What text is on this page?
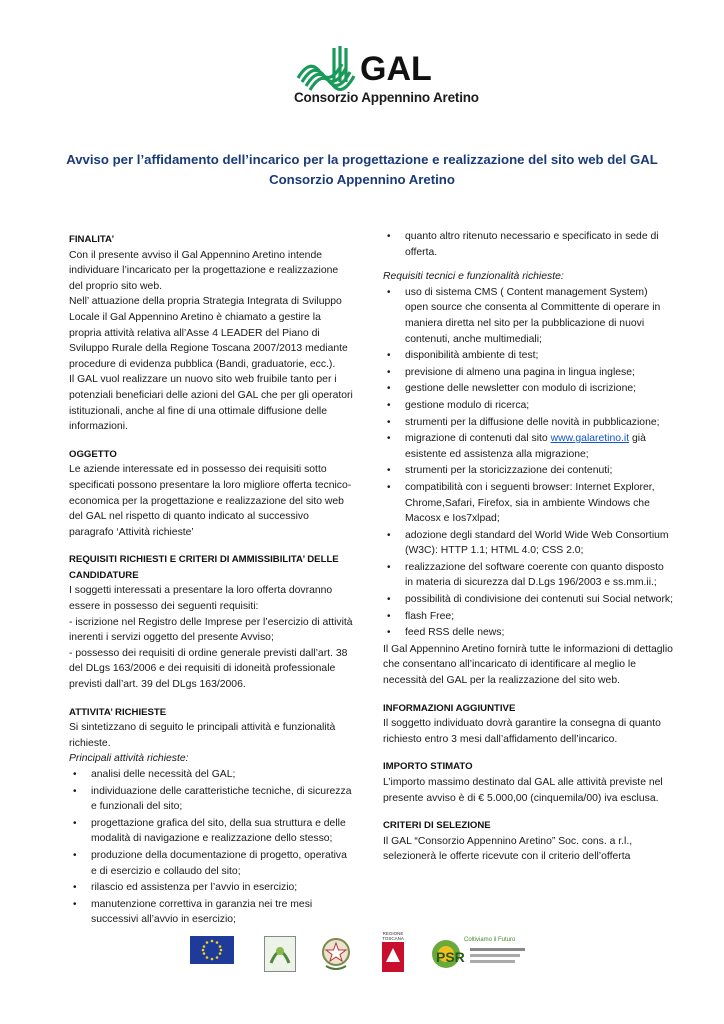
GAL
Consorzio Appennino Aretino
Avviso per l’affidamento dell’incarico per la progettazione e realizzazione del sito web del GAL
Consorzio Appennino Aretino

FINALITA’

Con il presente avviso il Gal Appennino Aretino intende individuare l’incaricato per la progettazione e realizzazione del proprio sito web.

Nell’ attuazione della propria Strategia Integrata di Sviluppo Locale il Gal Appennino Aretino è chiamato a gestire la propria attività relativa all’Asse 4 LEADER del Piano di Sviluppo Rurale della Regione Toscana 2007/2013 mediante procedure di evidenza pubblica (Bandi, graduatorie, ecc.).

Il GAL vuol realizzare un nuovo sito web fruibile tanto per i potenziali beneficiari delle azioni del GAL che per gli operatori istituzionali, anche al fine di una ottimale diffusione delle informazioni.

OGGETTO

Le aziende interessate ed in possesso dei requisiti sotto specificati possono presentare la loro migliore offerta tecnico-economica per la progettazione e realizzazione del sito web del GAL nel rispetto di quanto indicato al successivo paragrafo ‘Attività richieste’

REQUISITI RICHIESTI E CRITERI DI AMMISSIBILITA’ DELLE CANDIDATURE

I soggetti interessati a presentare la loro offerta dovranno essere in possesso dei seguenti requisiti:

- iscrizione nel Registro delle Imprese per l’esercizio di attività inerenti i servizi oggetto del presente Avviso;

- possesso dei requisiti di ordine generale previsti dall’art. 38 del DLgs 163/2006 e dei requisiti di idoneità professionale previsti dall’art. 39 del DLgs 163/2006.

ATTIVITA’ RICHIESTE

Si sintetizzano di seguito le principali attività e funzionalità richieste.

Principali attività richieste:

• analisi delle necessità del GAL;
• individuazione delle caratteristiche tecniche, di sicurezza e funzionali del sito;
• progettazione grafica del sito, della sua struttura e delle modalità di navigazione e realizzazione dello stesso;
• produzione della documentazione di progetto, operativa e di esercizio e collaudo del sito;
• rilascio ed assistenza per l’avvio in esercizio;
• manutenzione correttiva in garanzia nei tre mesi successivi all’avvio in esercizio;
• quanto altro ritenuto necessario e specificato in sede di offerta.

Requisiti tecnici e funzionalità richieste:

• uso di sistema CMS ( Content management System) open source che consenta al Committente di operare in maniera diretta nel sito per la pubblicazione di nuovi contenuti, anche multimediali;
• disponibilità ambiente di test;
• previsione di almeno una pagina in lingua inglese;
• gestione delle newsletter con modulo di iscrizione;
• gestione modulo di ricerca;
• strumenti per la diffusione delle novità in pubblicazione;
• migrazione di contenuti dal sito www.galaretino.it già esistente ed assistenza alla migrazione;
• strumenti per la storicizzazione dei contenuti;
• compatibilità con i seguenti browser: Internet Explorer, Chrome,Safari, Firefox, sia in ambiente Windows che Macosx e Ios7xlpad;
• adozione degli standard del World Wide Web Consortium (W3C): HTTP 1.1; HTML 4.0; CSS 2.0;
• realizzazione del software coerente con quanto disposto in materia di sicurezza dal D.Lgs 196/2003 e ss.mm.ii.;
• possibilità di condivisione dei contenuti sui Social network;
• flash Free;
• feed RSS delle news;

Il Gal Appennino Aretino fornirà tutte le informazioni di dettaglio che consentano all’incaricato di identificare al meglio le necessità del GAL per la realizzazione del sito web.

INFORMAZIONI AGGIUNTIVE

Il soggetto individuato dovrà garantire la consegna di quanto richiesto entro 3 mesi dall’affidamento dell’incarico.

IMPORTO STIMATO

L’importo massimo destinato dal GAL alle attività previste nel presente avviso è di € 5.000,00 (cinquemila/00) iva esclusa.

CRITERI DI SELEZIONE

Il GAL “Consorzio Appennino Aretino” Soc. cons. a r.l., selezionerà le offerte ricevute con il criterio dell’offerta

REGIONE TOSCANA	Coltiviamo il Futuro
PSR
